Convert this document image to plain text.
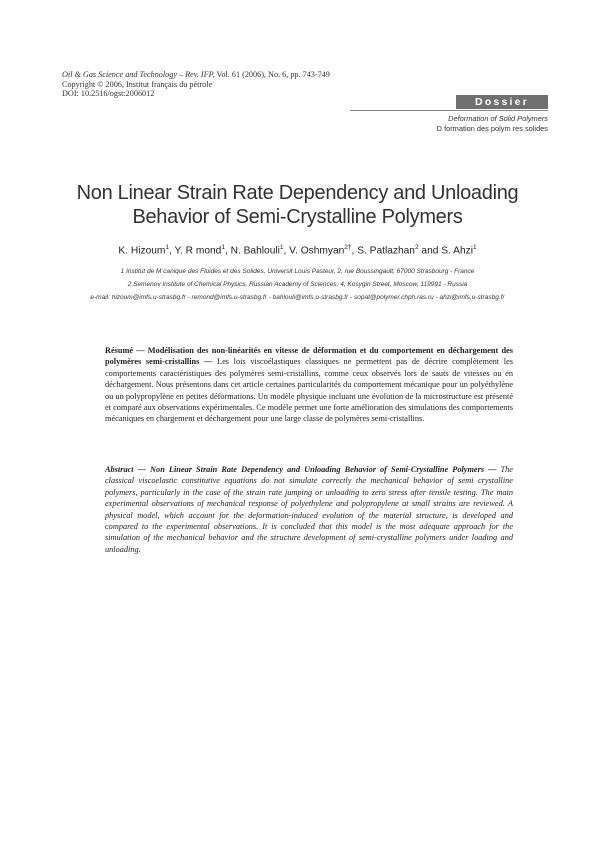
Oil & Gas Science and Technology – Rev. IFP, Vol. 61 (2006), No. 6, pp. 743-749
Copyright © 2006, Institut français du pétrole
DOI: 10.2516/ogst:2006012
Dossier
Deformation of Solid Polymers
D formation des polym res solides
Non Linear Strain Rate Dependency and Unloading
Behavior of Semi-Crystalline Polymers
K. Hizoum$^1$, Y. R mond$^1$, N. Bahlouli$^1$, V. Oshmyan$^{2\dagger}$, S. Patlazhan$^2$ and S. Ahzi$^1$
1 Institut de M canique des Fluides et des Solides, Universit Louis Pasteur, 2, rue Boussingault, 67000 Strasbourg - France
2 Semenov Institute of Chemical Physics, Russian Academy of Sciences, 4, Kosygin Street, Moscow, 119991 - Russia
e-mail: hizoum@imfs.u-strasbg.fr - remond@imfs.u-strasbg.fr - bahlouli@imfs.u-strasbg.fr - sopat@polymer.chph.ras.ru - ahzi@imfs.u-strasbg.fr
Résumé — Modélisation des non-linéarités en vitesse de déformation et du comportement en déchargement des polymères semi-cristallins — Les lois viscoélastiques classiques ne permettent pas de décrire complètement les comportements caractéristiques des polymères semi-cristallins, comme ceux observés lors de sauts de vitesses ou en déchargement. Nous présentons dans cet article certaines particularités du comportement mécanique pour un polyéthylène ou un polypropylène en petites déformations. Un modèle physique incluant une évolution de la microstructure est présenté et comparé aux observations expérimentales. Ce modèle permet une forte amélioration des simulations des comportements mécaniques en chargement et déchargement pour une large classe de polymères semi-cristallins.
Abstract — Non Linear Strain Rate Dependency and Unloading Behavior of Semi-Crystalline Polymers — The classical viscoelastic constitutive equations do not simulate correctly the mechanical behavior of semi crystalline polymers, particularly in the case of the strain rate jumping or unloading to zero stress after tensile testing. The main experimental observations of mechanical response of polyethylene and polypropylene at small strains are reviewed. A physical model, which account for the deformation-induced evolution of the material structure, is developed and compared to the experimental observations. It is concluded that this model is the most adequate approach for the simulation of the mechanical behavior and the structure development of semi-crystalline polymers under loading and unloading.
